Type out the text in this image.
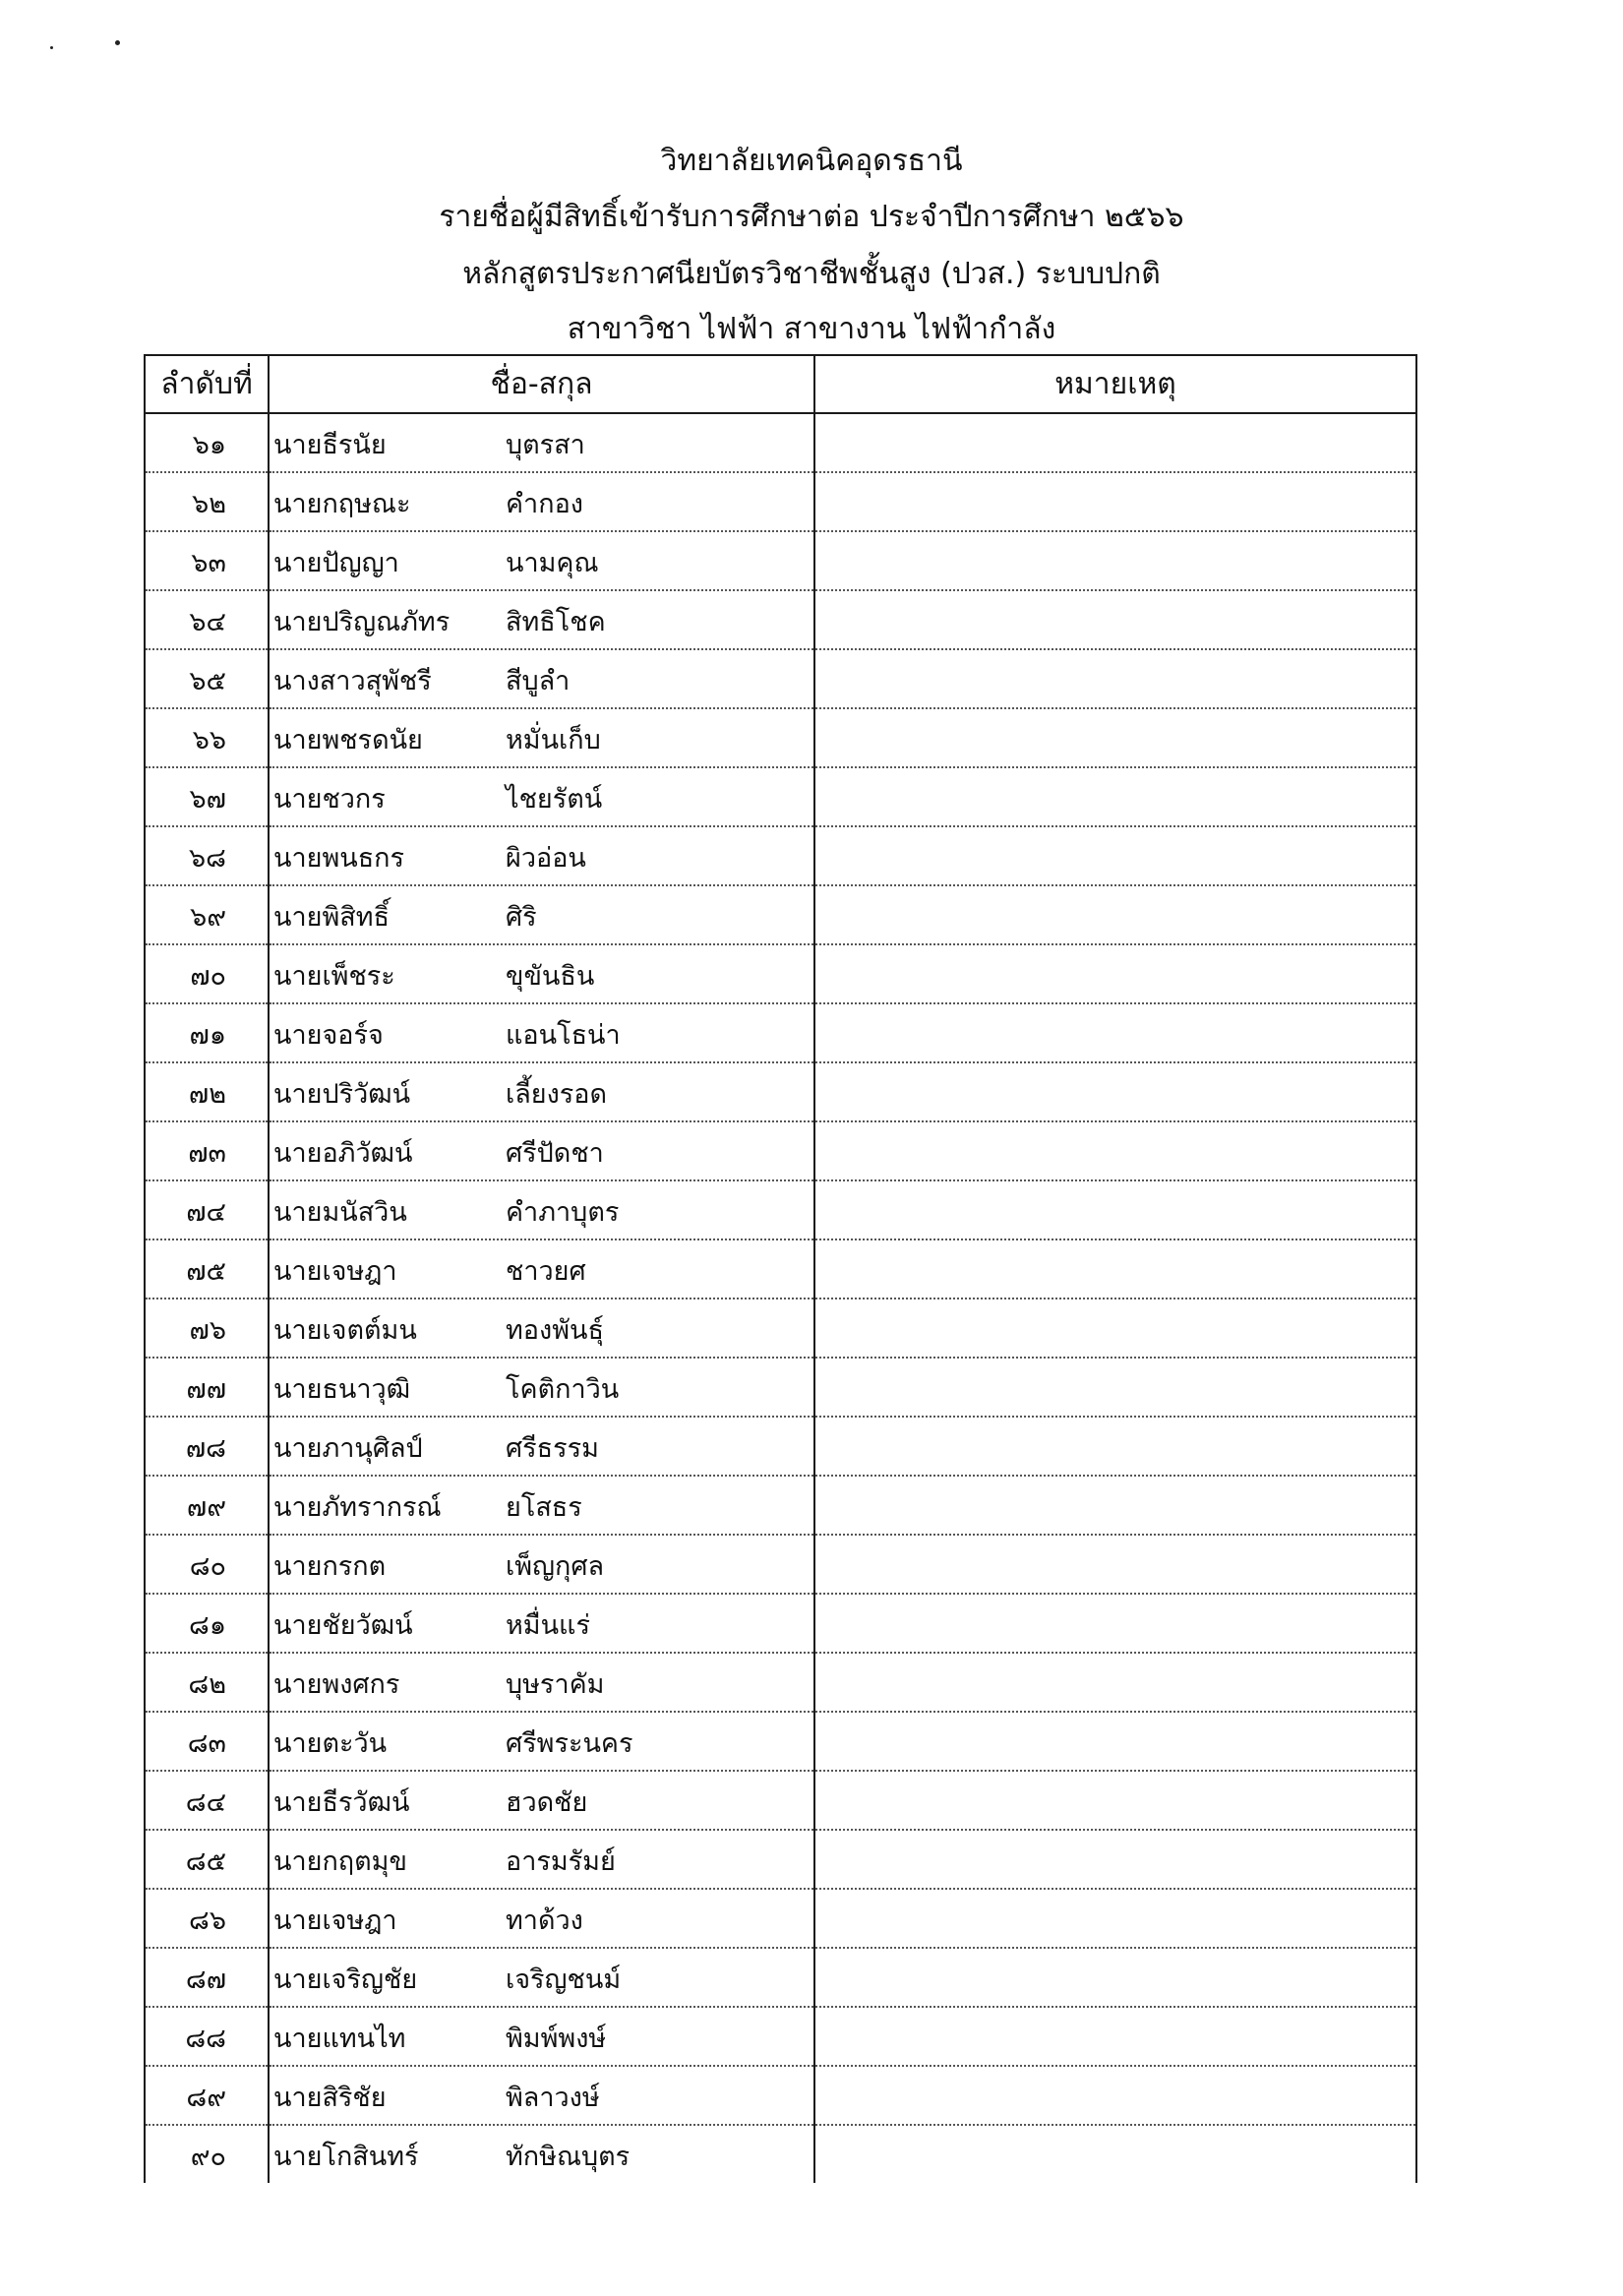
วิทยาลัยเทคนิคอุดรธานี
รายชื่อผู้มีสิทธิ์เข้ารับการศึกษาต่อ ประจำปีการศึกษา ๒๕๖๖
หลักสูตรประกาศนียบัตรวิชาชีพชั้นสูง (ปวส.) ระบบปกติ
สาขาวิชา ไฟฟ้า สาขางาน ไฟฟ้ากำลัง
ลำดับที่	ชื่อ-สกุล	หมายเหตุ
๖๑	นายธีรนัย บุตรสา	
๖๒	นายกฤษณะ คำกอง	
๖๓	นายปัญญา นามคุณ	
๖๔	นายปริญณภัทร สิทธิโชค	
๖๕	นางสาวสุพัชรี สีบูลำ	
๖๖	นายพชรดนัย หมั่นเก็บ	
๖๗	นายชวกร ไชยรัตน์	
๖๘	นายพนธกร ผิวอ่อน	
๖๙	นายพิสิทธิ์ ศิริ	
๗๐	นายเพ็ชระ ขุขันธิน	
๗๑	นายจอร์จ แอนโธน่า	
๗๒	นายปริวัฒน์ เลี้ยงรอด	
๗๓	นายอภิวัฒน์ ศรีปัดชา	
๗๔	นายมนัสวิน คำภาบุตร	
๗๕	นายเจษฎา ชาวยศ	
๗๖	นายเจตต์มน ทองพันธุ์	
๗๗	นายธนาวุฒิ โคติกาวิน	
๗๘	นายภานุศิลป์ ศรีธรรม	
๗๙	นายภัทรากรณ์ ยโสธร	
๘๐	นายกรกต เพ็ญกุศล	
๘๑	นายชัยวัฒน์ หมื่นแร่	
๘๒	นายพงศกร บุษราคัม	
๘๓	นายตะวัน ศรีพระนคร	
๘๔	นายธีรวัฒน์ ฮวดชัย	
๘๕	นายกฤตมุข อารมรัมย์	
๘๖	นายเจษฎา ทาด้วง	
๘๗	นายเจริญชัย เจริญชนม์	
๘๘	นายแทนไท พิมพ์พงษ์	
๘๙	นายสิริชัย พิลาวงษ์	
๙๐	นายโกสินทร์ ทักษิณบุตร	
